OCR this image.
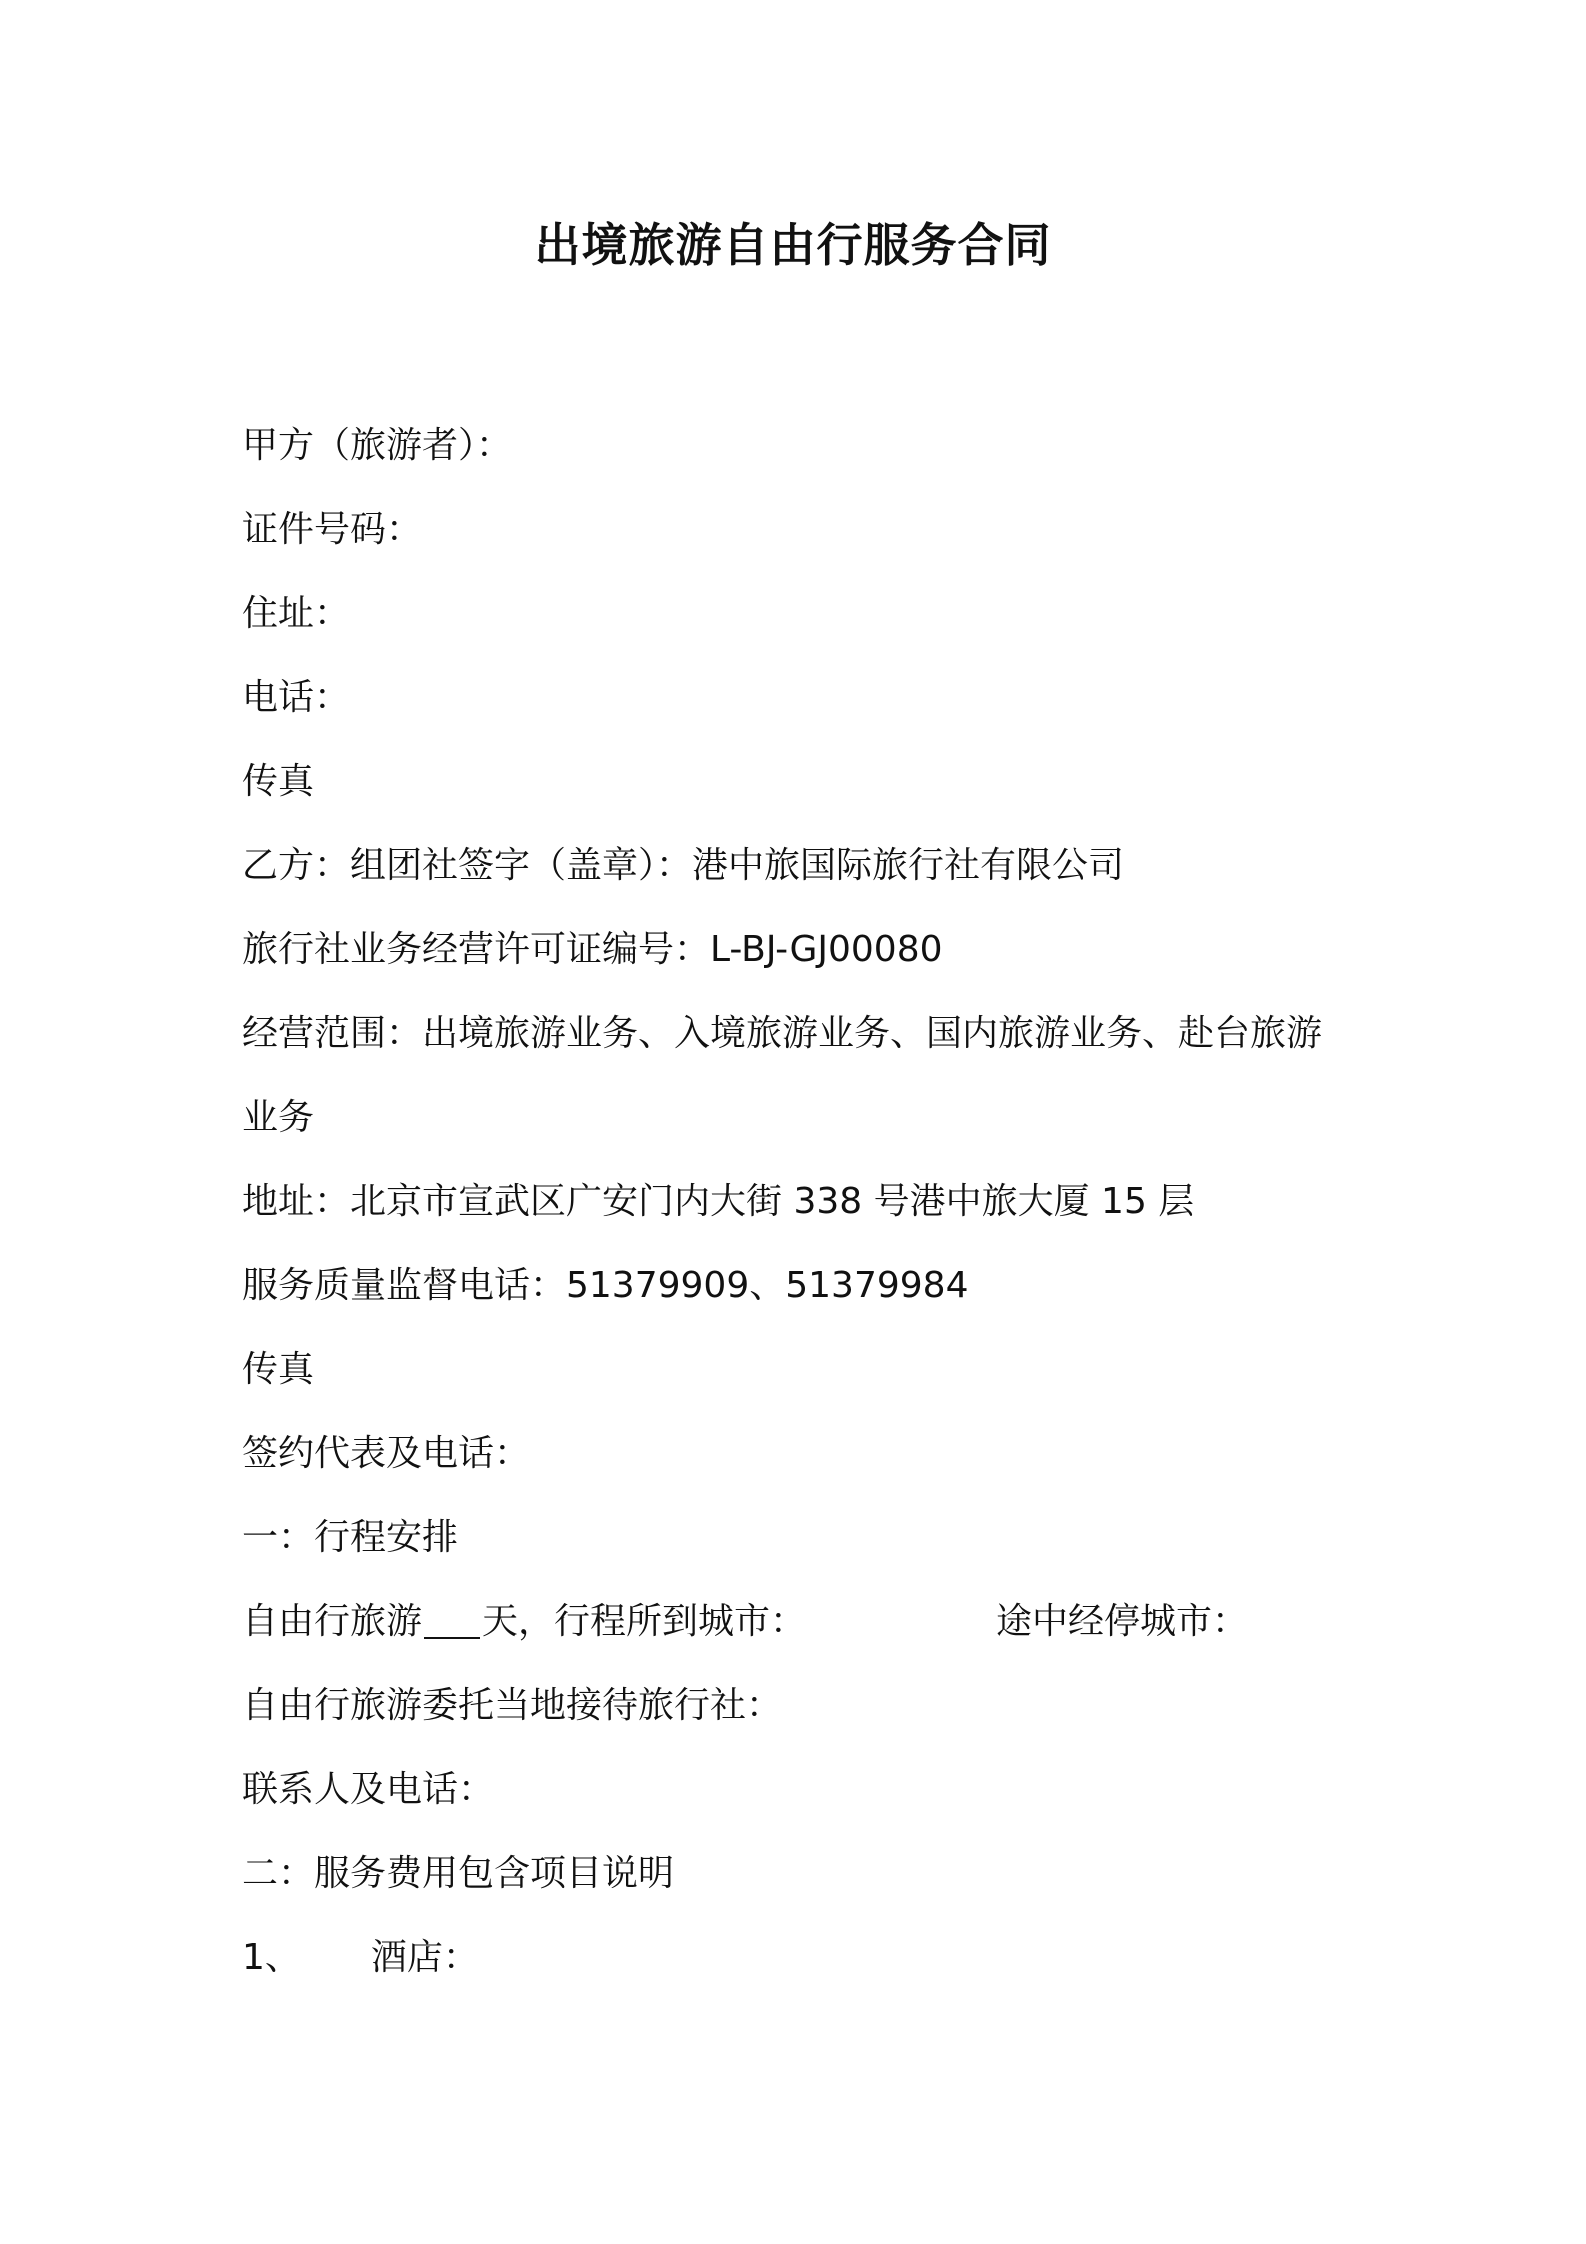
出境旅游自由行服务合同
甲方（旅游者）：
证件号码：
住址：
电话：
传真
乙方：组团社签字（盖章）：港中旅国际旅行社有限公司
旅行社业务经营许可证编号：L-BJ-GJ00080
经营范围：出境旅游业务、入境旅游业务、国内旅游业务、赴台旅游
业务
地址：北京市宣武区广安门内大街 338 号港中旅大厦 15 层
服务质量监督电话：51379909、51379984
传真
签约代表及电话：
一：行程安排
自由行旅游 天，行程所到城市：	途中经停城市：
自由行旅游委托当地接待旅行社：
联系人及电话：
二：服务费用包含项目说明
1、 酒店：
